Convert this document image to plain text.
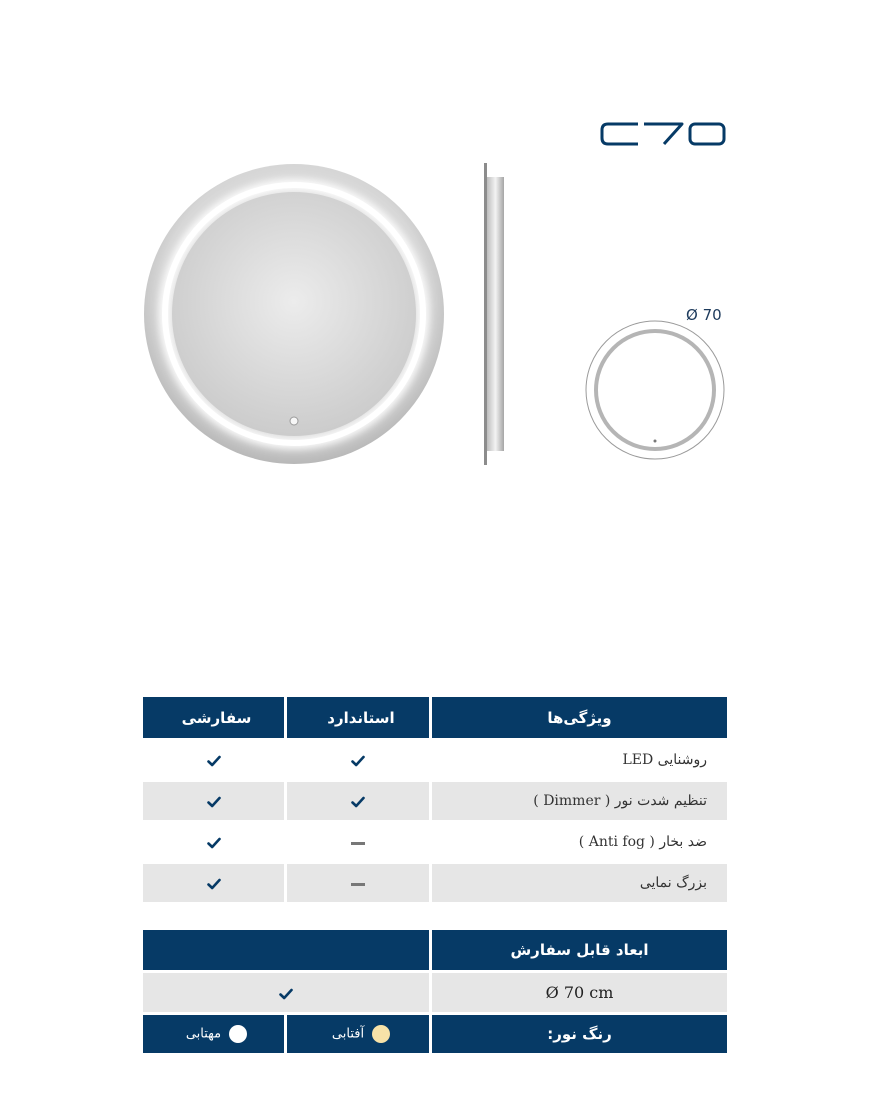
Ø 70
سفارشی	استاندارد	ویژگی‌ها
		روشنایی LED
		تنظیم شدت نور ( Dimmer )
		ضد بخار ( Anti fog )
		بزرگ نمایی
		ابعاد قابل سفارش
	Ø 70 cm
مهتابی	آفتابی	رنگ نور:
